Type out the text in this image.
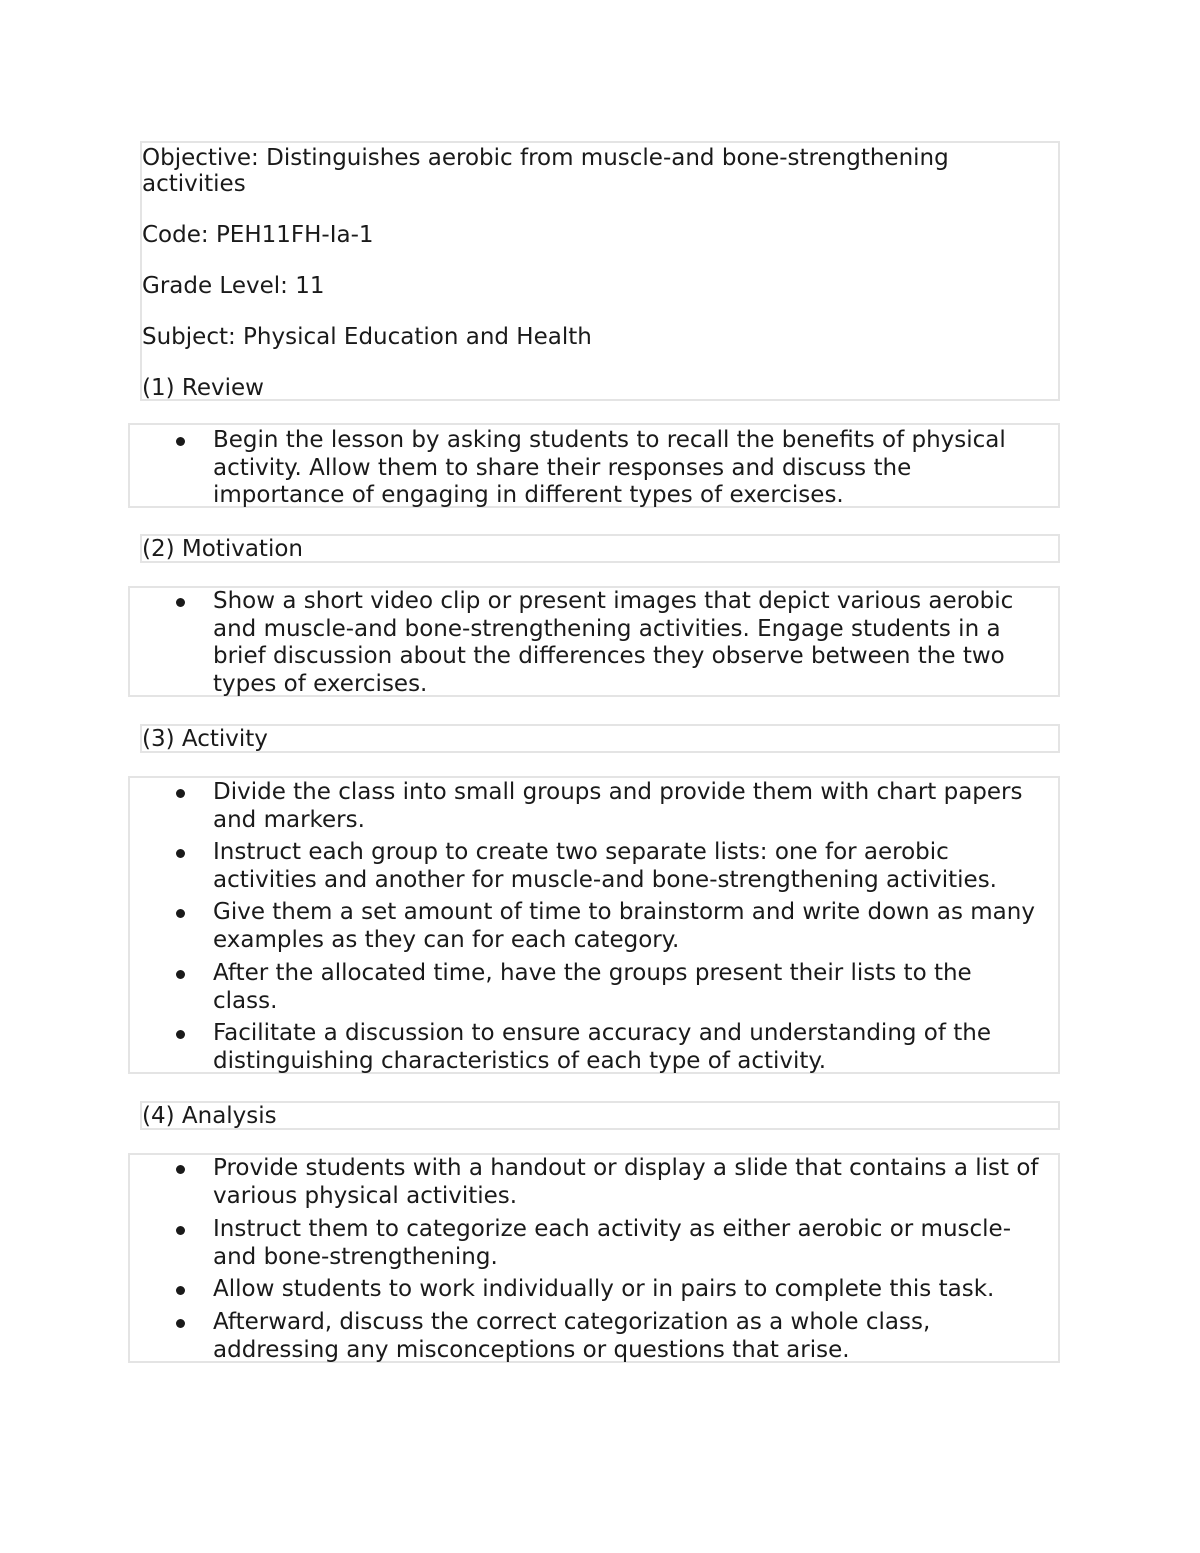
Objective: Distinguishes aerobic from muscle-and bone-strengthening
activities
Code: PEH11FH-Ia-1
Grade Level: 11
Subject: Physical Education and Health
(1) Review
Begin the lesson by asking students to recall the benefits of physical
activity. Allow them to share their responses and discuss the
importance of engaging in different types of exercises.
(2) Motivation
Show a short video clip or present images that depict various aerobic
and muscle-and bone-strengthening activities. Engage students in a
brief discussion about the differences they observe between the two
types of exercises.
(3) Activity
Divide the class into small groups and provide them with chart papers
and markers.
Instruct each group to create two separate lists: one for aerobic
activities and another for muscle-and bone-strengthening activities.
Give them a set amount of time to brainstorm and write down as many
examples as they can for each category.
After the allocated time, have the groups present their lists to the
class.
Facilitate a discussion to ensure accuracy and understanding of the
distinguishing characteristics of each type of activity.
(4) Analysis
Provide students with a handout or display a slide that contains a list of
various physical activities.
Instruct them to categorize each activity as either aerobic or muscle-
and bone-strengthening.
Allow students to work individually or in pairs to complete this task.
Afterward, discuss the correct categorization as a whole class,
addressing any misconceptions or questions that arise.
